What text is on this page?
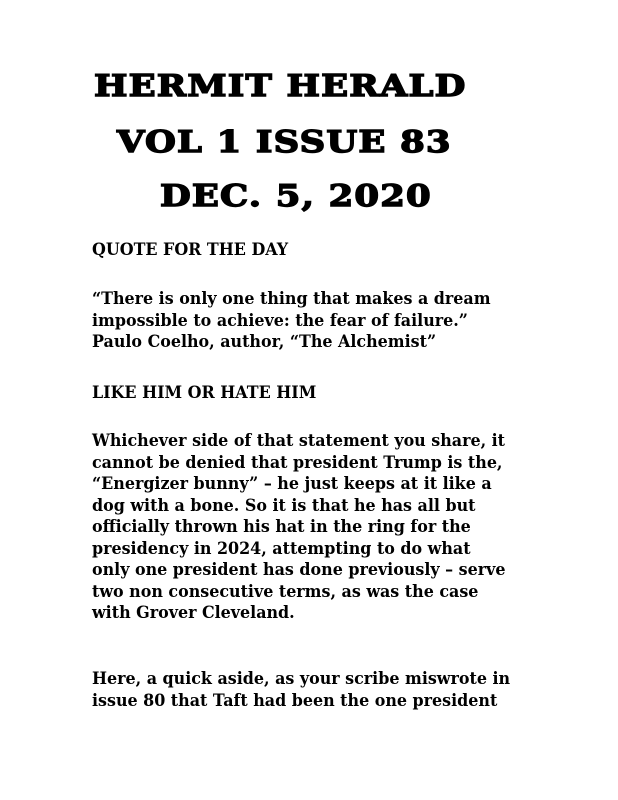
HERMIT HERALD
VOL 1 ISSUE 83
DEC. 5, 2020
QUOTE FOR THE DAY
“There is only one thing that makes a dream
impossible to achieve: the fear of failure.”
Paulo Coelho, author, “The Alchemist”
LIKE HIM OR HATE HIM
Whichever side of that statement you share, it
cannot be denied that president Trump is the,
“Energizer bunny” – he just keeps at it like a
dog with a bone. So it is that he has all but
officially thrown his hat in the ring for the
presidency in 2024, attempting to do what
only one president has done previously – serve
two non consecutive terms, as was the case
with Grover Cleveland.
Here, a quick aside, as your scribe miswrote in
issue 80 that Taft had been the one president
